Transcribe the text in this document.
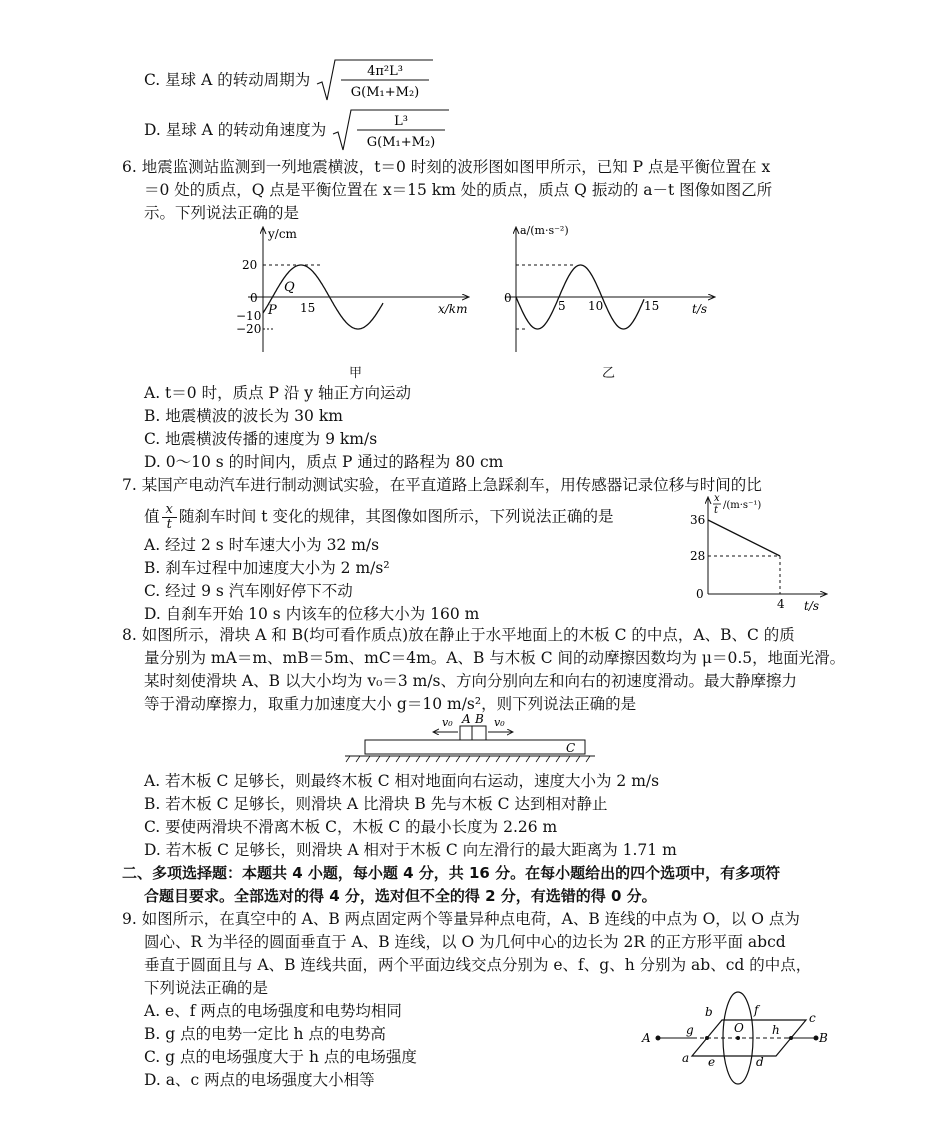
C. 星球 A 的转动周期为	4π²L³
G(M₁+M₂)
D. 星球 A 的转动角速度为	L³
G(M₁+M₂)
6. 地震监测站监测到一列地震横波，t＝0 时刻的波形图如图甲所示，已知 P 点是平衡位置在 x
＝0 处的质点，Q 点是平衡位置在 x＝15 km 处的质点，质点 Q 振动的 a－t 图像如图乙所
示。下列说法正确的是
y/cm
x/km
20
0
−10
−20
15
Q
P
甲
a/(m·s⁻²)
t/s
0
5 10	15
乙
A. t＝0 时，质点 P 沿 y 轴正方向运动
B. 地震横波的波长为 30 km
C. 地震横波传播的速度为 9 km/s
D. 0～10 s 的时间内，质点 P 通过的路程为 80 cm
7. 某国产电动汽车进行制动测试实验，在平直道路上急踩刹车，用传感器记录位移与时间的比
值 $\frac{x}{t}$ 随刹车时间 t 变化的规律，其图像如图所示，下列说法正确的是
A. 经过 2 s 时车速大小为 32 m/s
B. 刹车过程中加速度大小为 2 m/s²
C. 经过 9 s 汽车刚好停下不动
D. 自刹车开始 10 s 内该车的位移大小为 160 m
x
t /(m·s⁻¹)
36
28
0
4 t/s
8. 如图所示，滑块 A 和 B(均可看作质点)放在静止于水平地面上的木板 C 的中点，A、B、C 的质
量分别为 mA＝m、mB＝5m、mC＝4m。A、B 与木板 C 间的动摩擦因数均为 μ＝0.5，地面光滑。
某时刻使滑块 A、B 以大小均为 v₀＝3 m/s、方向分别向左和向右的初速度滑动。最大静摩擦力
等于滑动摩擦力，取重力加速度大小 g＝10 m/s²，则下列说法正确的是
v₀	v₀
A B
C
A. 若木板 C 足够长，则最终木板 C 相对地面向右运动，速度大小为 2 m/s
B. 若木板 C 足够长，则滑块 A 比滑块 B 先与木板 C 达到相对静止
C. 要使两滑块不滑离木板 C，木板 C 的最小长度为 2.26 m
D. 若木板 C 足够长，则滑块 A 相对于木板 C 向左滑行的最大距离为 1.71 m
二、多项选择题：本题共 4 小题，每小题 4 分，共 16 分。在每小题给出的四个选项中，有多项符
合题目要求。全部选对的得 4 分，选对但不全的得 2 分，有选错的得 0 分。
9. 如图所示，在真空中的 A、B 两点固定两个等量异种点电荷，A、B 连线的中点为 O，以 O 点为
圆心、R 为半径的圆面垂直于 A、B 连线，以 O 为几何中心的边长为 2R 的正方形平面 abcd
垂直于圆面且与 A、B 连线共面，两个平面边线交点分别为 e、f、g、h 分别为 ab、cd 的中点，
下列说法正确的是
A. e、f 两点的电场强度和电势均相同
B. g 点的电势一定比 h 点的电势高
C. g 点的电场强度大于 h 点的电场强度
D. a、c 两点的电场强度大小相等
A	B
O
a
b	c
d
e
f
g	h
